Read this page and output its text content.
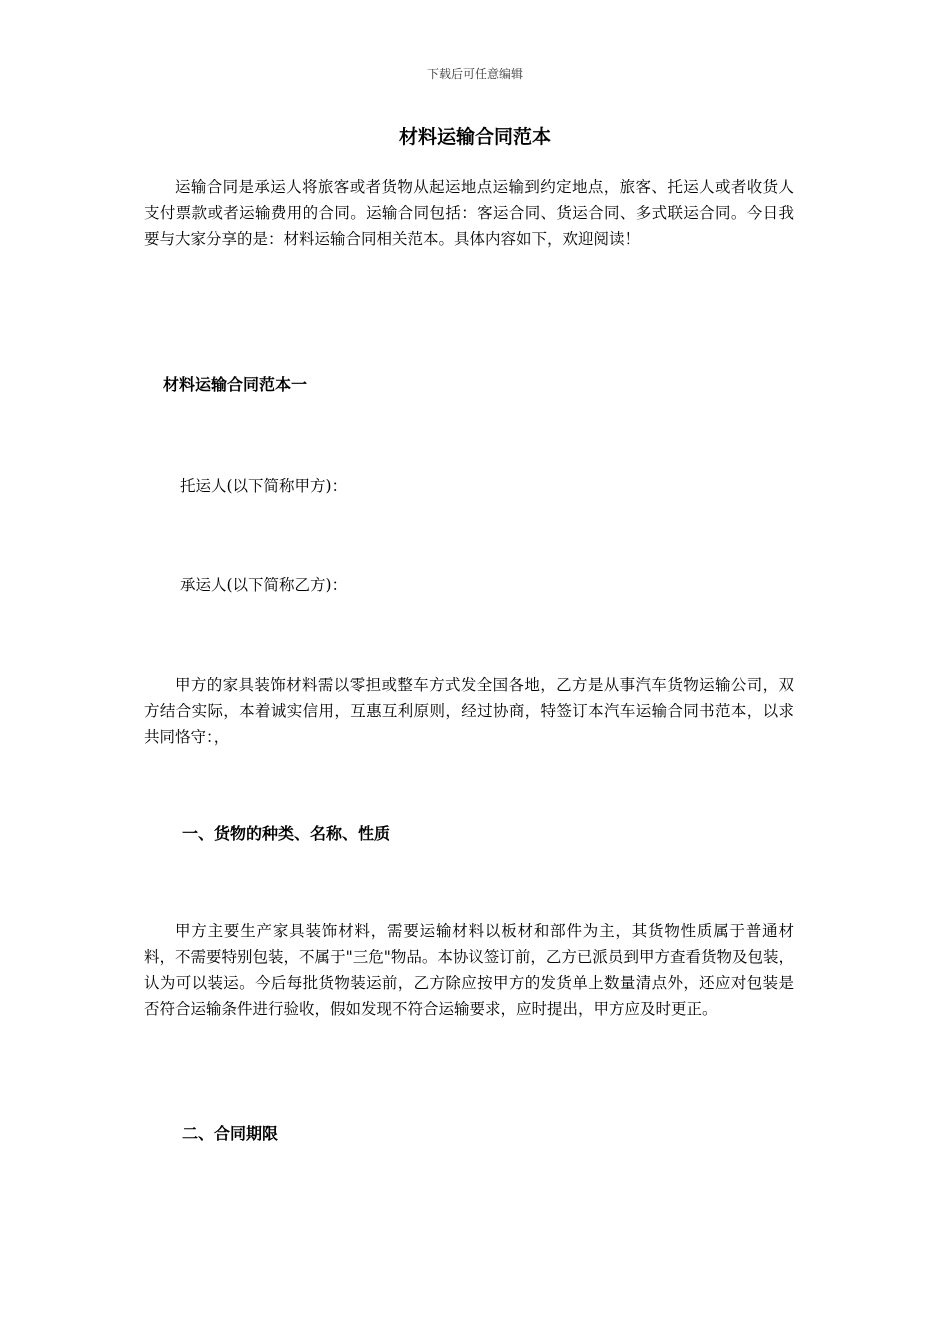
下载后可任意编辑
材料运输合同范本

运输合同是承运人将旅客或者货物从起运地点运输到约定地点，旅客、托运人或者收货人支付票款或者运输费用的合同。运输合同包括：客运合同、货运合同、多式联运合同。今日我要与大家分享的是：材料运输合同相关范本。具体内容如下，欢迎阅读！

材料运输合同范本一

托运人(以下简称甲方)：

承运人(以下简称乙方)：

甲方的家具装饰材料需以零担或整车方式发全国各地，乙方是从事汽车货物运输公司，双方结合实际，本着诚实信用，互惠互利原则，经过协商，特签订本汽车运输合同书范本，以求共同恪守：，

一、货物的种类、名称、性质

甲方主要生产家具装饰材料，需要运输材料以板材和部件为主，其货物性质属于普通材料，不需要特别包装，不属于"三危"物品。本协议签订前，乙方已派员到甲方查看货物及包装，认为可以装运。今后每批货物装运前，乙方除应按甲方的发货单上数量清点外，还应对包装是否符合运输条件进行验收，假如发现不符合运输要求，应时提出，甲方应及时更正。

二、合同期限
